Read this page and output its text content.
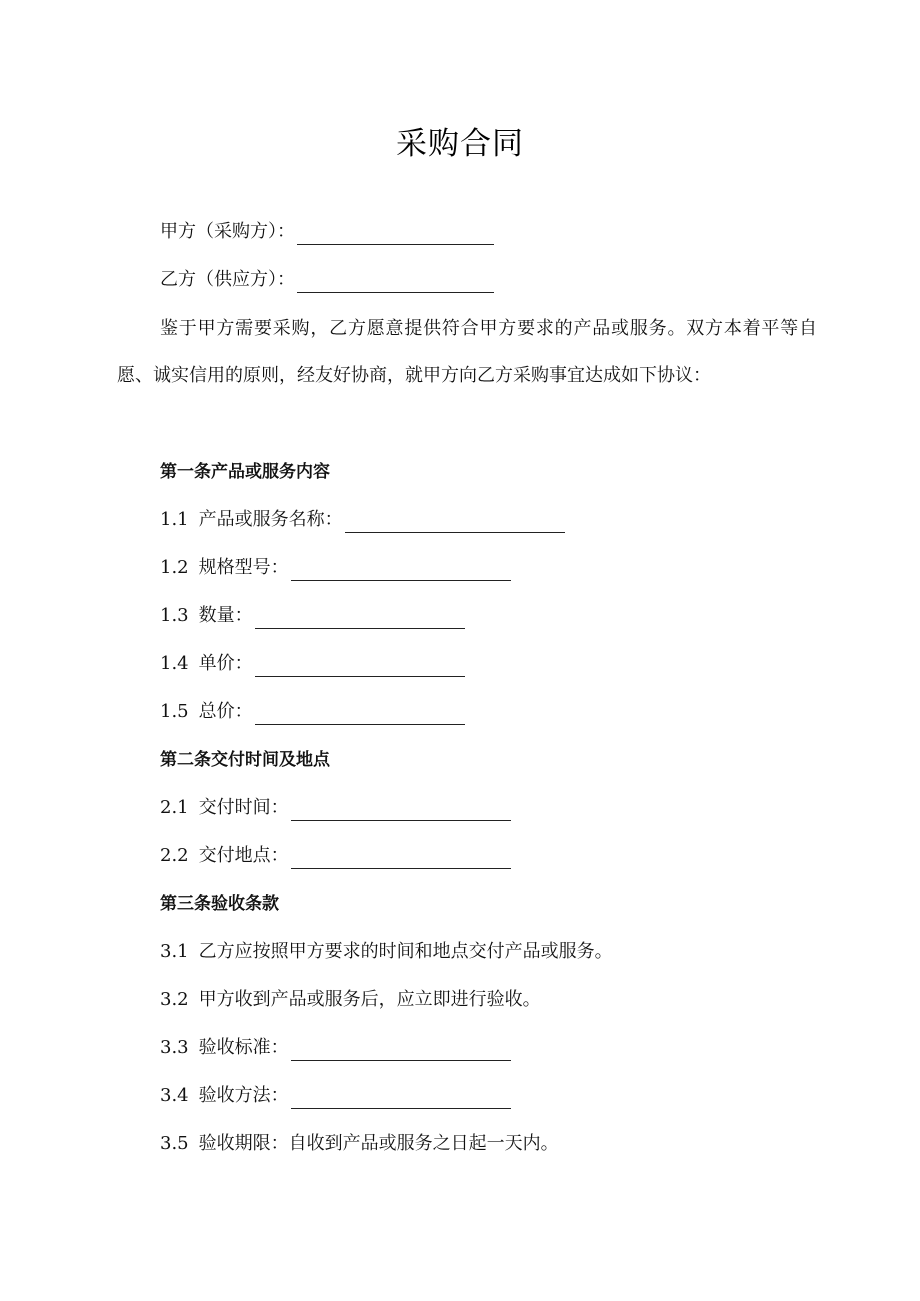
采购合同
甲方（采购方）：
乙方（供应方）：
鉴于甲方需要采购，乙方愿意提供符合甲方要求的产品或服务。双方本着平等自愿、诚实信用的原则，经友好协商，就甲方向乙方采购事宜达成如下协议：
第一条产品或服务内容
1.1 产品或服务名称：
1.2 规格型号：
1.3 数量：
1.4 单价：
1.5 总价：
第二条交付时间及地点
2.1 交付时间：
2.2 交付地点：
第三条验收条款
3.1 乙方应按照甲方要求的时间和地点交付产品或服务。
3.2 甲方收到产品或服务后，应立即进行验收。
3.3 验收标准：
3.4 验收方法：
3.5 验收期限：自收到产品或服务之日起一天内。
